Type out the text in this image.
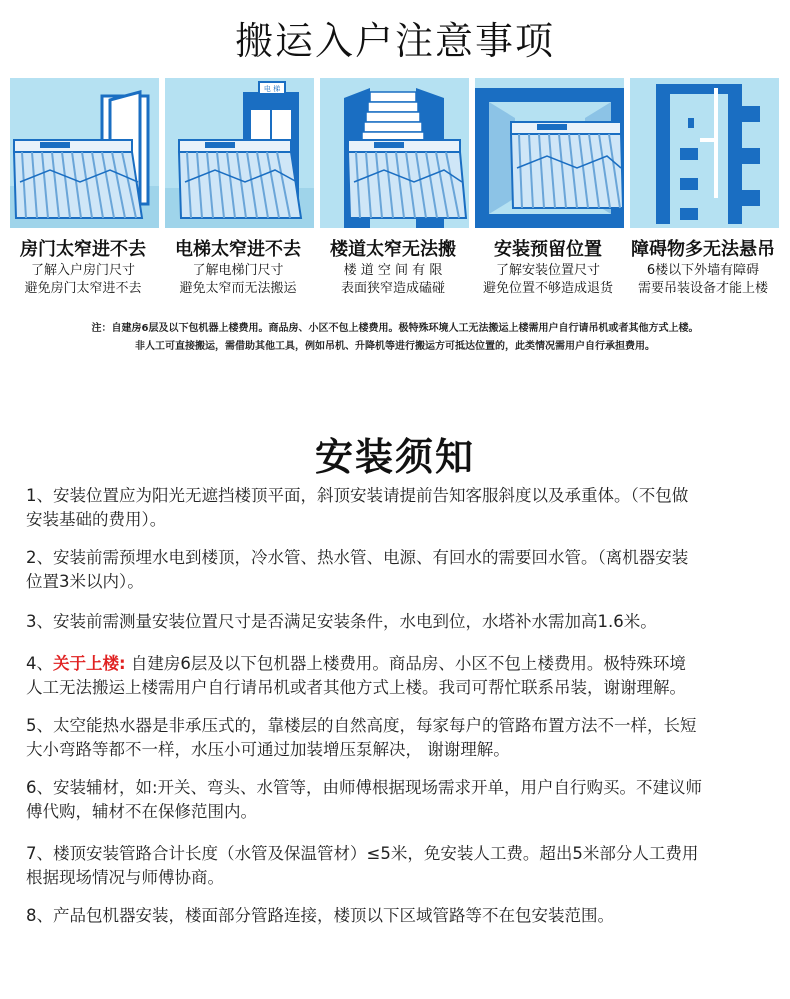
搬运入户注意事项
电 梯
房门太窄进不去
了解入户房门尺寸
避免房门太窄进不去
电梯太窄进不去
了解电梯门尺寸
避免太窄而无法搬运
楼道太窄无法搬
楼 道 空 间 有 限
表面狭窄造成磕碰
安装预留位置
了解安装位置尺寸
避免位置不够造成退货
障碍物多无法悬吊
6楼以下外墙有障碍
需要吊装设备才能上楼
注：自建房6层及以下包机器上楼费用。商品房、小区不包上楼费用。极特殊环境人工无法搬运上楼需用户自行请吊机或者其他方式上楼。
非人工可直接搬运，需借助其他工具，例如吊机、升降机等进行搬运方可抵达位置的，此类情况需用户自行承担费用。
安装须知
1、安装位置应为阳光无遮挡楼顶平面，斜顶安装请提前告知客服斜度以及承重体。（不包做
安装基础的费用）。
2、安装前需预埋水电到楼顶，冷水管、热水管、电源、有回水的需要回水管。（离机器安装
位置3米以内）。
3、安装前需测量安装位置尺寸是否满足安装条件，水电到位，水塔补水需加高1.6米。
4、关于上楼: 自建房6层及以下包机器上楼费用。商品房、小区不包上楼费用。极特殊环境
人工无法搬运上楼需用户自行请吊机或者其他方式上楼。我司可帮忙联系吊装，谢谢理解。
5、太空能热水器是非承压式的，靠楼层的自然高度，每家每户的管路布置方法不一样，长短
大小弯路等都不一样，水压小可通过加装增压泵解决， 谢谢理解。
6、安装辅材，如:开关、弯头、水管等，由师傅根据现场需求开单，用户自行购买。不建议师
傅代购，辅材不在保修范围内。
7、楼顶安装管路合计长度（水管及保温管材）≤5米，免安装人工费。超出5米部分人工费用
根据现场情况与师傅协商。
8、产品包机器安装，楼面部分管路连接，楼顶以下区域管路等不在包安装范围。
